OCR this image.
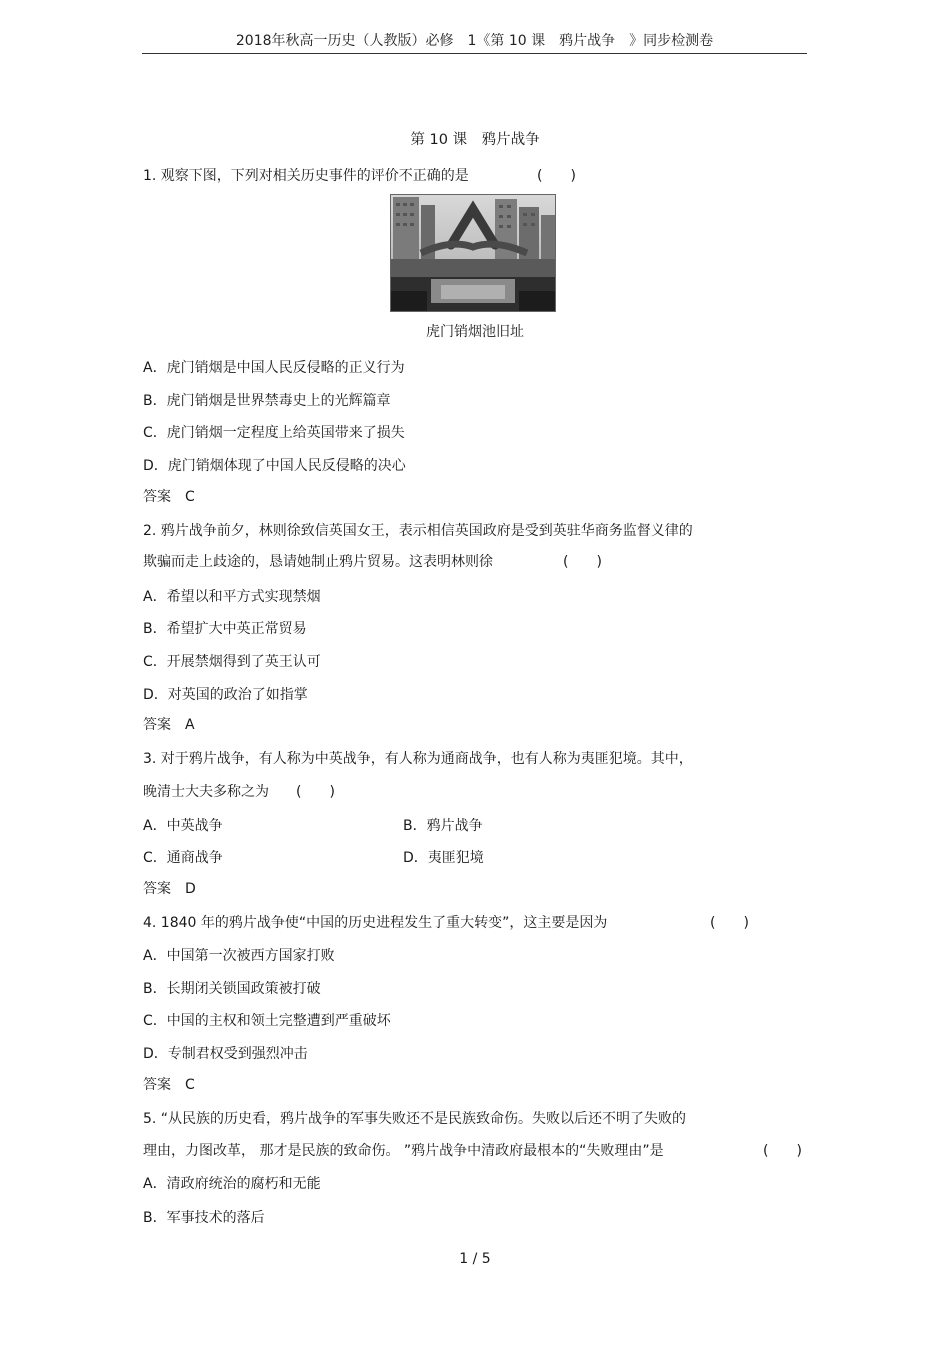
2018年秋高一历史（人教版）必修　1《第 10 课　鸦片战争　》同步检测卷
第 10 课　鸦片战争
1. 观察下图，下列对相关历史事件的评价不正确的是	(　　)
虎门销烟池旧址
A．虎门销烟是中国人民反侵略的正义行为
B．虎门销烟是世界禁毒史上的光辉篇章
C．虎门销烟一定程度上给英国带来了损失
D．虎门销烟体现了中国人民反侵略的决心
答案　C
2. 鸦片战争前夕，林则徐致信英国女王，表示相信英国政府是受到英驻华商务监督义律的
欺骗而走上歧途的，恳请她制止鸦片贸易。这表明林则徐	(　　)
A．希望以和平方式实现禁烟
B．希望扩大中英正常贸易
C．开展禁烟得到了英王认可
D．对英国的政治了如指掌
答案　A
3. 对于鸦片战争，有人称为中英战争，有人称为通商战争，也有人称为夷匪犯境。其中，
晚清士大夫多称之为 (　　)
A．中英战争	B．鸦片战争
C．通商战争	D．夷匪犯境
答案　D
4. 1840 年的鸦片战争使“中国的历史进程发生了重大转变”，这主要是因为	(　　)
A．中国第一次被西方国家打败
B．长期闭关锁国政策被打破
C．中国的主权和领土完整遭到严重破坏
D．专制君权受到强烈冲击
答案　C
5. “从民族的历史看，鸦片战争的军事失败还不是民族致命伤。失败以后还不明了失败的
理由，力图改革， 那才是民族的致命伤。 ”鸦片战争中清政府最根本的“失败理由”是	(　　)
A．清政府统治的腐朽和无能
B．军事技术的落后
1 / 5
